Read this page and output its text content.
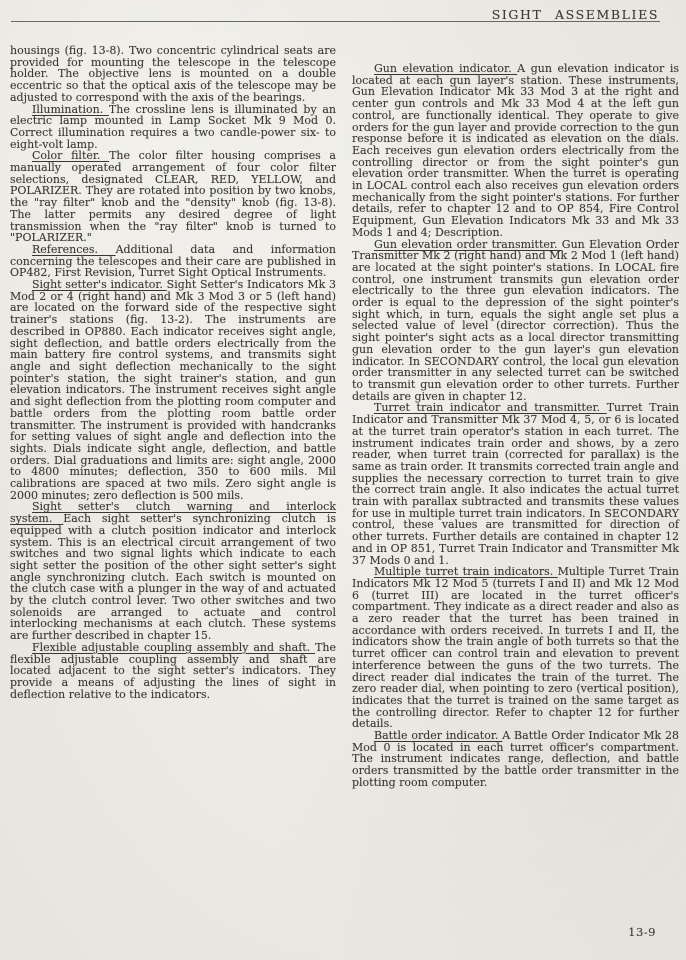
SIGHT ASSEMBLIES

housings (fig. 13-8). Two concentric cylindrical seats are provided for mounting the telescope in the telescope holder. The objective lens is mounted on a double eccentric so that the optical axis of the telescope may be adjusted to correspond with the axis of the bearings.

Illumination. The crossline lens is illuminated by an electric lamp mounted in Lamp Socket Mk 9 Mod 0. Correct illumination requires a two candle-power six- to eight-volt lamp.

Color filter. The color filter housing comprises a manually operated arrangement of four color filter selections, designated CLEAR, RED, YELLOW, and POLARIZER. They are rotated into position by two knobs, the "ray filter" knob and the "density" knob (fig. 13-8). The latter permits any desired degree of light transmission when the "ray filter" knob is turned to "POLARIZER."

References. Additional data and information concerning the telescopes and their care are published in OP482, First Revision, Turret Sight Optical Instruments.

Sight setter's indicator. Sight Setter's Indicators Mk 3 Mod 2 or 4 (right hand) and Mk 3 Mod 3 or 5 (left hand) are located on the forward side of the respective sight trainer's stations (fig. 13-2). The instruments are described in OP880. Each indicator receives sight angle, sight deflection, and battle orders electrically from the main battery fire control systems, and transmits sight angle and sight deflection mechanically to the sight pointer's station, the sight trainer's station, and gun elevation indicators. The instrument receives sight angle and sight deflection from the plotting room computer and battle orders from the plotting room battle order transmitter. The instrument is provided with handcranks for setting values of sight angle and deflection into the sights. Dials indicate sight angle, deflection, and battle orders. Dial graduations and limits are: sight angle, 2000 to 4800 minutes; deflection, 350 to 600 mils. Mil calibrations are spaced at two mils. Zero sight angle is 2000 minutes; zero deflection is 500 mils.

Sight setter's clutch warning and interlock system. Each sight setter's synchronizing clutch is equipped with a clutch position indicator and interlock system. This is an electrical circuit arrangement of two switches and two signal lights which indicate to each sight setter the position of the other sight setter's sight angle synchronizing clutch. Each switch is mounted on the clutch case with a plunger in the way of and actuated by the clutch control lever. Two other switches and two solenoids are arranged to actuate and control interlocking mechanisms at each clutch. These systems are further described in chapter 15.

Flexible adjustable coupling assembly and shaft. The flexible adjustable coupling assembly and shaft are located adjacent to the sight setter's indicators. They provide a means of adjusting the lines of sight in deflection relative to the indicators.

Gun elevation indicator. A gun elevation indicator is located at each gun layer's station. These instruments, Gun Elevation Indicator Mk 33 Mod 3 at the right and center gun controls and Mk 33 Mod 4 at the left gun control, are functionally identical. They operate to give orders for the gun layer and provide correction to the gun response before it is indicated as elevation on the dials. Each receives gun elevation orders electrically from the controlling director or from the sight pointer's gun elevation order transmitter. When the turret is operating in LOCAL control each also receives gun elevation orders mechanically from the sight pointer's stations. For further details, refer to chapter 12 and to OP 854, Fire Control Equipment, Gun Elevation Indicators Mk 33 and Mk 33 Mods 1 and 4; Description.

Gun elevation order transmitter. Gun Elevation Order Transmitter Mk 2 (right hand) and Mk 2 Mod 1 (left hand) are located at the sight pointer's stations. In LOCAL fire control, one instrument transmits gun elevation order electrically to the three gun elevation indicators. The order is equal to the depression of the sight pointer's sight which, in turn, equals the sight angle set plus a selected value of level (director correction). Thus the sight pointer's sight acts as a local director transmitting gun elevation order to the gun layer's gun elevation indicator. In SECONDARY control, the local gun elevation order transmitter in any selected turret can be switched to transmit gun elevation order to other turrets. Further details are given in chapter 12.

Turret train indicator and transmitter. Turret Train Indicator and Transmitter Mk 37 Mod 4, 5, or 6 is located at the turret train operator's station in each turret. The instrument indicates train order and shows, by a zero reader, when turret train (corrected for parallax) is the same as train order. It transmits corrected train angle and supplies the necessary correction to turret train to give the correct train angle. It also indicates the actual turret train with parallax subtracted and transmits these values for use in multiple turret train indicators. In SECONDARY control, these values are transmitted for direction of other turrets. Further details are contained in chapter 12 and in OP 851, Turret Train Indicator and Transmitter Mk 37 Mods 0 and 1.

Multiple turret train indicators. Multiple Turret Train Indicators Mk 12 Mod 5 (turrets I and II) and Mk 12 Mod 6 (turret III) are located in the turret officer's compartment. They indicate as a direct reader and also as a zero reader that the turret has been trained in accordance with orders received. In turrets I and II, the indicators show the train angle of both turrets so that the turret officer can control train and elevation to prevent interference between the guns of the two turrets. The direct reader dial indicates the train of the turret. The zero reader dial, when pointing to zero (vertical position), indicates that the turret is trained on the same target as the controlling director. Refer to chapter 12 for further details.

Battle order indicator. A Battle Order Indicator Mk 28 Mod 0 is located in each turret officer's compartment. The instrument indicates range, deflection, and battle orders transmitted by the battle order transmitter in the plotting room computer.

13-9
